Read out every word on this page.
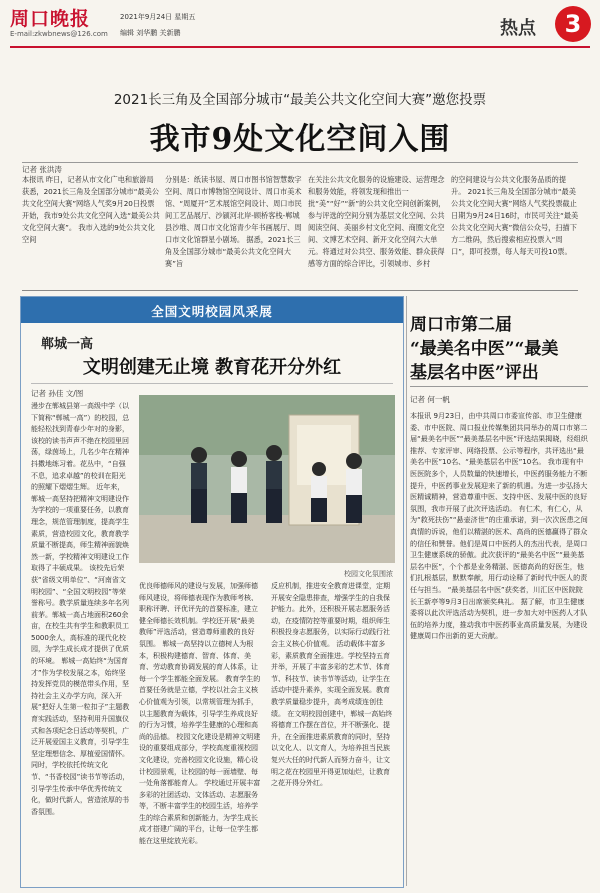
周口晚报
E-mail:zkwbnews@126.com
2021年9月24日 星期五
编辑 刘华鹏 关新鹏	热点	3
2021长三角及全国部分城市“最美公共文化空间大赛”邀您投票
我市9处文化空间入围
记者 张洪涛
本报讯 昨日，记者从市文化广电和旅游局获悉，2021长三角及全国部分城市“最美公共文化空间大赛”网络人气奖9月20日投票开始，我市9处公共文化空间入选“最美公共文化空间大赛”。 我市入选的9处公共文化空间
分别是：纸读书屋、周口市图书馆智慧数字空间、周口市博物馆空间设计、周口市美术馆、“周厦开”艺术展馆空间设计、周口市民间工艺品展厅、沙颍河北岸-顾桥客栈-郸城县沙堆、周口市文化馆青少年书画展厅、周口市文化馆群星小剧场。 据悉，2021长三角及全国部分城市“最美公共文化空间大赛”旨
在关注公共文化服务的设施建设、运营理念和服务效能，将领发现和推出一批“美”“好”“新”的公共文化空间创新案例，参与评选的空间分别为基层文化空间、公共阅读空间、美丽乡村文化空间、商圈文化空间、文博艺术空间、新开文化空间六大单元。将通过对公共空、服务效能、群众获得感等方面的综合评比，引领城市、乡村
的空间建设与公共文化服务品质的提升。 2021长三角及全国部分城市“最美公共文化空间大赛”网络人气奖投票截止日期为9月24日16时，市民可关注“最美公共文化空间大赛”微信公众号，扫描下方二维码，然后搜索相应投票入“周口”，即可投票，每人每天可投10票。
全国文明校园风采展
郸城一高
文明创建无止境 教育花开分外红
记者 孙佳 文/图
漫步在郸城县第一高级中学（以下简称“郸城一高”）的校园，总能轻松找到青春少年对的身影，该校的读书声声不绝在校园里回荡，绿茵场上，几名少年在精神抖擞地练习着。花丛中，“自强不息，追求卓越”的校训在阳光的照耀下熠熠生辉。 近年来，郸城一高坚持把精神文明建设作为学校的一项重要任务，以教育理念，规范管理制度，提高学生素质，营造校园文化，教育教学质量不断提高，师生精神面貌焕然一新，学校精神文明建设工作取得了丰硕成果。 该校先后荣获“省级文明单位”、“河南省文明校园”、“全国文明校园”等荣誉称号。教学质量连续多年名列前茅。郸城一高占地面积260余亩，在校生共有学生和教职员工5000余人，高标准的现代化校园，为学生成长成才提供了优质的环境。 郸城一高始终“为国育才”作为学校发展之本，始终坚持发挥党员的模范带头作用，坚持社会主义办学方向，深入开展“把好人生第一粒扣子”主题教育实践活动，坚持利用升国旗仪式和各项纪念日活动等契机，广泛开展爱国主义教育，引导学生坚定理想信念、厚植爱国情怀。 同时，学校依托传统文化节、“书香校园”读书节等活动，引导学生传承中华优秀传统文化，做时代新人，营造浓厚的书香氛围。
校园文化氛围浓
优良师德师风的建设与发展，加强师德师风建设，将师德表现作为教师考核、职称评聘、评优评先的首要标准，建立健全师德长效机制。学校还开展“最美教师”评选活动，营造尊师重教的良好氛围。 郸城一高坚持以立德树人为根本，积极构建德育、智育、体育、美育、劳动教育协调发展的育人体系，让每一个学生都能全面发展。 教育学生的首要任务就是立德，学校以社会主义核心价值观为引领，以常规管理为抓手，以主题教育为载体，引导学生养成良好的行为习惯，培养学生健康的心理和高尚的品德。 校园文化建设是精神文明建设的重要组成部分，学校高度重视校园文化建设，完善校园文化设施，精心设计校园景观，让校园的每一面墙壁、每一处角落都能育人。 学校通过开展丰富多彩的社团活动、文体活动、志愿服务等，不断丰富学生的校园生活，培养学生的综合素质和创新能力，为学生成长成才搭建广阔的平台，让每一位学生都能在这里绽放光彩。
反应机制，推进安全教育进课堂，定期开展安全隐患排查，增强学生的自我保护能力。此外，还积极开展志愿服务活动，在疫情防控等重要时期，组织师生积极投身志愿服务，以实际行动践行社会主义核心价值观。 活动载体丰富多彩，素质教育全面推进。学校坚持五育并举，开展了丰富多彩的艺术节、体育节、科技节、读书节等活动，让学生在活动中提升素养，实现全面发展。教育教学质量稳步提升，高考成绩连创佳绩。 在文明校园创建中，郸城一高始终将德育工作摆在首位，并不断强化、提升，在全面推进素质教育的同时，坚持以文化人、以文育人，为培养担当民族复兴大任的时代新人而努力奋斗，让文明之花在校园里开得更加灿烂，让教育之花开得分外红。
周口市第二届
“最美名中医”“最美
基层名中医”评出
记者 何一帆
本报讯 9月23日，由中共周口市委宣传部、市卫生健康委、市中医院、周口报业传媒集团共同举办的周口市第二届“最美名中医”“最美基层名中医”评选结果揭晓，经组织推荐、专家评审、网络投票、公示等程序，共评选出“最美名中医”10名、“最美基层名中医”10名。 我市现有中医医院多个，人员数量的快速增长，中医药服务能力不断提升，中医药事业发展迎来了新的机遇。为进一步弘扬大医精诚精神，营造尊重中医、支持中医、发展中医的良好氛围，我市开展了此次评选活动。 有仁术，有仁心，从为“救死扶伤”“悬壶济世”的庄重承诺，到一次次医患之间真情的诉说，他们以精湛的医术、高尚的医德赢得了群众的信任和赞誉。他们是周口中医药人的杰出代表，是周口卫生健康系统的骄傲。此次获评的“最美名中医”“最美基层名中医”，个个都是业务精湛、医德高尚的好医生，他们扎根基层，默默奉献，用行动诠释了新时代中医人的责任与担当。 “最美基层名中医”获奖者，川汇区中医院院长王新亭等9月3日出席颁奖典礼。 据了解，市卫生健康委将以此次评选活动为契机，进一步加大对中医药人才队伍的培养力度，推动我市中医药事业高质量发展，为建设健康周口作出新的更大贡献。
